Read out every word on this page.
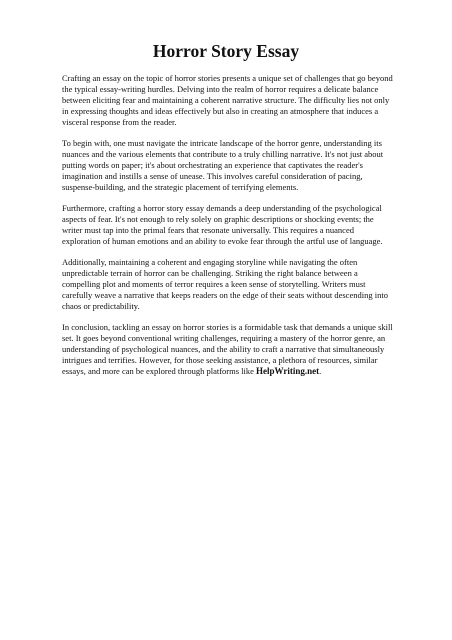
Horror Story Essay

Crafting an essay on the topic of horror stories presents a unique set of challenges that go beyond the typical essay-writing hurdles. Delving into the realm of horror requires a delicate balance between eliciting fear and maintaining a coherent narrative structure. The difficulty lies not only in expressing thoughts and ideas effectively but also in creating an atmosphere that induces a visceral response from the reader.

To begin with, one must navigate the intricate landscape of the horror genre, understanding its nuances and the various elements that contribute to a truly chilling narrative. It's not just about putting words on paper; it's about orchestrating an experience that captivates the reader's imagination and instills a sense of unease. This involves careful consideration of pacing, suspense-building, and the strategic placement of terrifying elements.

Furthermore, crafting a horror story essay demands a deep understanding of the psychological aspects of fear. It's not enough to rely solely on graphic descriptions or shocking events; the writer must tap into the primal fears that resonate universally. This requires a nuanced exploration of human emotions and an ability to evoke fear through the artful use of language.

Additionally, maintaining a coherent and engaging storyline while navigating the often unpredictable terrain of horror can be challenging. Striking the right balance between a compelling plot and moments of terror requires a keen sense of storytelling. Writers must carefully weave a narrative that keeps readers on the edge of their seats without descending into chaos or predictability.

In conclusion, tackling an essay on horror stories is a formidable task that demands a unique skill set. It goes beyond conventional writing challenges, requiring a mastery of the horror genre, an understanding of psychological nuances, and the ability to craft a narrative that simultaneously intrigues and terrifies. However, for those seeking assistance, a plethora of resources, similar essays, and more can be explored through platforms like HelpWriting.net.
